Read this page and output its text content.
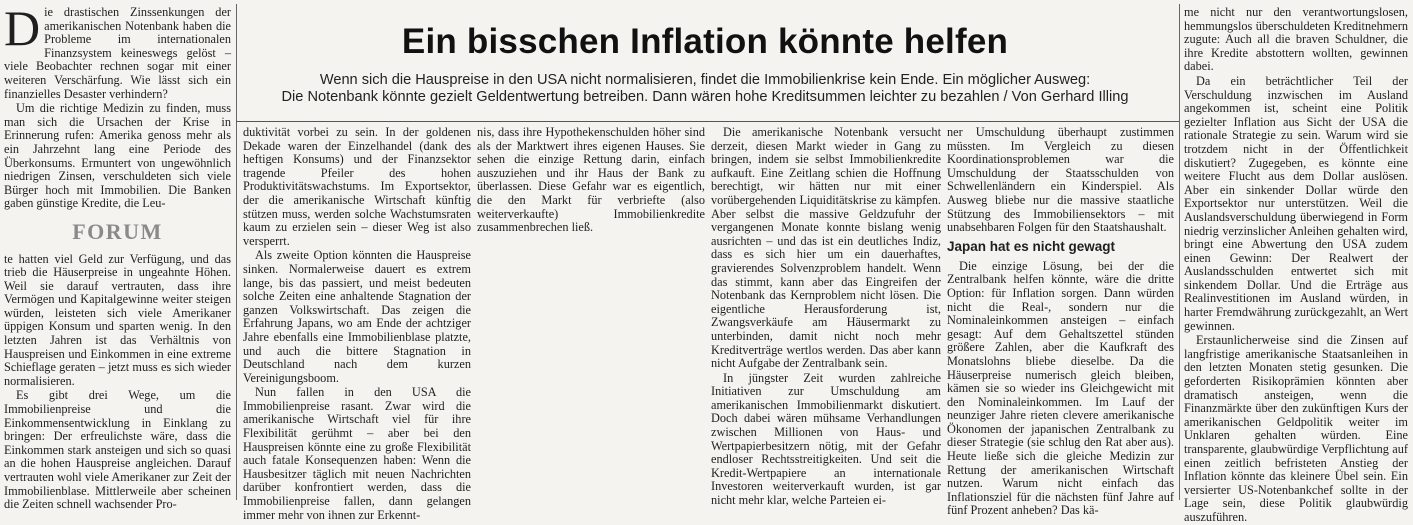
Ein bisschen Inflation könnte helfen
Wenn sich die Hauspreise in den USA nicht normalisieren, findet die Immobilienkrise kein Ende. Ein möglicher Ausweg:
Die Notenbank könnte gezielt Geldentwertung betreiben. Dann wären hohe Kreditsummen leichter zu bezahlen / Von Gerhard Illing

Die drastischen Zinssenkungen der amerikanischen Notenbank haben die Probleme im internationalen Finanzsystem keineswegs gelöst – viele Beobachter rechnen sogar mit einer weiteren Verschärfung. Wie lässt sich ein finanzielles Desaster verhindern?

Um die richtige Medizin zu finden, muss man sich die Ursachen der Krise in Erinnerung rufen: Amerika genoss mehr als ein Jahrzehnt lang eine Periode des Überkonsums. Ermuntert von ungewöhnlich niedrigen Zinsen, verschuldeten sich viele Bürger hoch mit Immobilien. Die Banken gaben günstige Kredite, die Leu-

FORUM

te hatten viel Geld zur Verfügung, und das trieb die Häuserpreise in ungeahnte Höhen. Weil sie darauf vertrauten, dass ihre Vermögen und Kapitalgewinne weiter steigen würden, leisteten sich viele Amerikaner üppigen Konsum und sparten wenig. In den letzten Jahren ist das Verhältnis von Hauspreisen und Einkommen in eine extreme Schieflage geraten – jetzt muss es sich wieder normalisieren.

Es gibt drei Wege, um die Immobilienpreise und die Einkommensentwicklung in Einklang zu bringen: Der erfreulichste wäre, dass die Einkommen stark ansteigen und sich so quasi an die hohen Hauspreise angleichen. Darauf vertrauten wohl viele Amerikaner zur Zeit der Immobilienblase. Mittlerweile aber scheinen die Zeiten schnell wachsender Pro-

duktivität vorbei zu sein. In der goldenen Dekade waren der Einzelhandel (dank des heftigen Konsums) und der Finanzsektor tragende Pfeiler des hohen Produktivitätswachstums. Im Exportsektor, der die amerikanische Wirtschaft künftig stützen muss, werden solche Wachstumsraten kaum zu erzielen sein – dieser Weg ist also versperrt.

Als zweite Option könnten die Hauspreise sinken. Normalerweise dauert es extrem lange, bis das passiert, und meist bedeuten solche Zeiten eine anhaltende Stagnation der ganzen Volkswirtschaft. Das zeigen die Erfahrung Japans, wo am Ende der achtziger Jahre ebenfalls eine Immobilienblase platzte, und auch die bittere Stagnation in Deutschland nach dem kurzen Vereinigungsboom.

Nun fallen in den USA die Immobilienpreise rasant. Zwar wird die amerikanische Wirtschaft viel für ihre Flexibilität gerühmt – aber bei den Hauspreisen könnte eine zu große Flexibilität auch fatale Konsequenzen haben: Wenn die Hausbesitzer täglich mit neuen Nachrichten darüber konfrontiert werden, dass die Immobilienpreise fallen, dann gelangen immer mehr von ihnen zur Erkennt-

nis, dass ihre Hypothekenschulden höher sind als der Marktwert ihres eigenen Hauses. Sie sehen die einzige Rettung darin, einfach auszuziehen und ihr Haus der Bank zu überlassen. Diese Gefahr war es eigentlich, die den Markt für verbriefte (also weiterverkaufte) Immobilienkredite zusammenbrechen ließ.

Die amerikanische Notenbank versucht derzeit, diesen Markt wieder in Gang zu bringen, indem sie selbst Immobilienkredite aufkauft. Eine Zeitlang schien die Hoffnung berechtigt, wir hätten nur mit einer vorübergehenden Liquiditätskrise zu kämpfen. Aber selbst die massive Geldzufuhr der vergangenen Monate konnte bislang wenig ausrichten – und das ist ein deutliches Indiz, dass es sich hier um ein dauerhaftes, gravierendes Solvenzproblem handelt. Wenn das stimmt, kann aber das Eingreifen der Notenbank das Kernproblem nicht lösen. Die eigentliche Herausforderung ist, Zwangsverkäufe am Häusermarkt zu unterbinden, damit nicht noch mehr Kreditverträge wertlos werden. Das aber kann nicht Aufgabe der Zentralbank sein.

In jüngster Zeit wurden zahlreiche Initiativen zur Umschuldung am amerikanischen Immobilienmarkt diskutiert. Doch dabei wären mühsame Verhandlungen zwischen Millionen von Haus- und Wertpapierbesitzern nötig, mit der Gefahr endloser Rechtsstreitigkeiten. Und seit die Kredit-Wertpapiere an internationale Investoren weiterverkauft wurden, ist gar nicht mehr klar, welche Parteien ei-

ner Umschuldung überhaupt zustimmen müssten. Im Vergleich zu diesen Koordinationsproblemen war die Umschuldung der Staatsschulden von Schwellenländern ein Kinderspiel. Als Ausweg bliebe nur die massive staatliche Stützung des Immobiliensektors – mit unabsehbaren Folgen für den Staatshaushalt.

Japan hat es nicht gewagt

Die einzige Lösung, bei der die Zentralbank helfen könnte, wäre die dritte Option: für Inflation sorgen. Dann würden nicht die Real-, sondern nur die Nominaleinkommen ansteigen – einfach gesagt: Auf dem Gehaltszettel stünden größere Zahlen, aber die Kaufkraft des Monatslohns bliebe dieselbe. Da die Häuserpreise numerisch gleich bleiben, kämen sie so wieder ins Gleichgewicht mit den Nominaleinkommen. Im Lauf der neunziger Jahre rieten clevere amerikanische Ökonomen der japanischen Zentralbank zu dieser Strategie (sie schlug den Rat aber aus). Heute ließe sich die gleiche Medizin zur Rettung der amerikanischen Wirtschaft nutzen. Warum nicht einfach das Inflationsziel für die nächsten fünf Jahre auf fünf Prozent anheben? Das kä-

me nicht nur den verantwortungslosen, hemmungslos überschuldeten Kreditnehmern zugute: Auch all die braven Schuldner, die ihre Kredite abstottern wollten, gewinnen dabei.

Da ein beträchtlicher Teil der Verschuldung inzwischen im Ausland angekommen ist, scheint eine Politik gezielter Inflation aus Sicht der USA die rationale Strategie zu sein. Warum wird sie trotzdem nicht in der Öffentlichkeit diskutiert? Zugegeben, es könnte eine weitere Flucht aus dem Dollar auslösen. Aber ein sinkender Dollar würde den Exportsektor nur unterstützen. Weil die Auslandsverschuldung überwiegend in Form niedrig verzinslicher Anleihen gehalten wird, bringt eine Abwertung den USA zudem einen Gewinn: Der Realwert der Auslandsschulden entwertet sich mit sinkendem Dollar. Und die Erträge aus Realinvestitionen im Ausland würden, in harter Fremdwährung zurückgezahlt, an Wert gewinnen.

Erstaunlicherweise sind die Zinsen auf langfristige amerikanische Staatsanleihen in den letzten Monaten stetig gesunken. Die geforderten Risikoprämien könnten aber dramatisch ansteigen, wenn die Finanzmärkte über den zukünftigen Kurs der amerikanischen Geldpolitik weiter im Unklaren gehalten würden. Eine transparente, glaubwürdige Verpflichtung auf einen zeitlich befristeten Anstieg der Inflation könnte das kleinere Übel sein. Ein versierter US-Notenbankchef sollte in der Lage sein, diese Politik glaubwürdig auszuführen.
